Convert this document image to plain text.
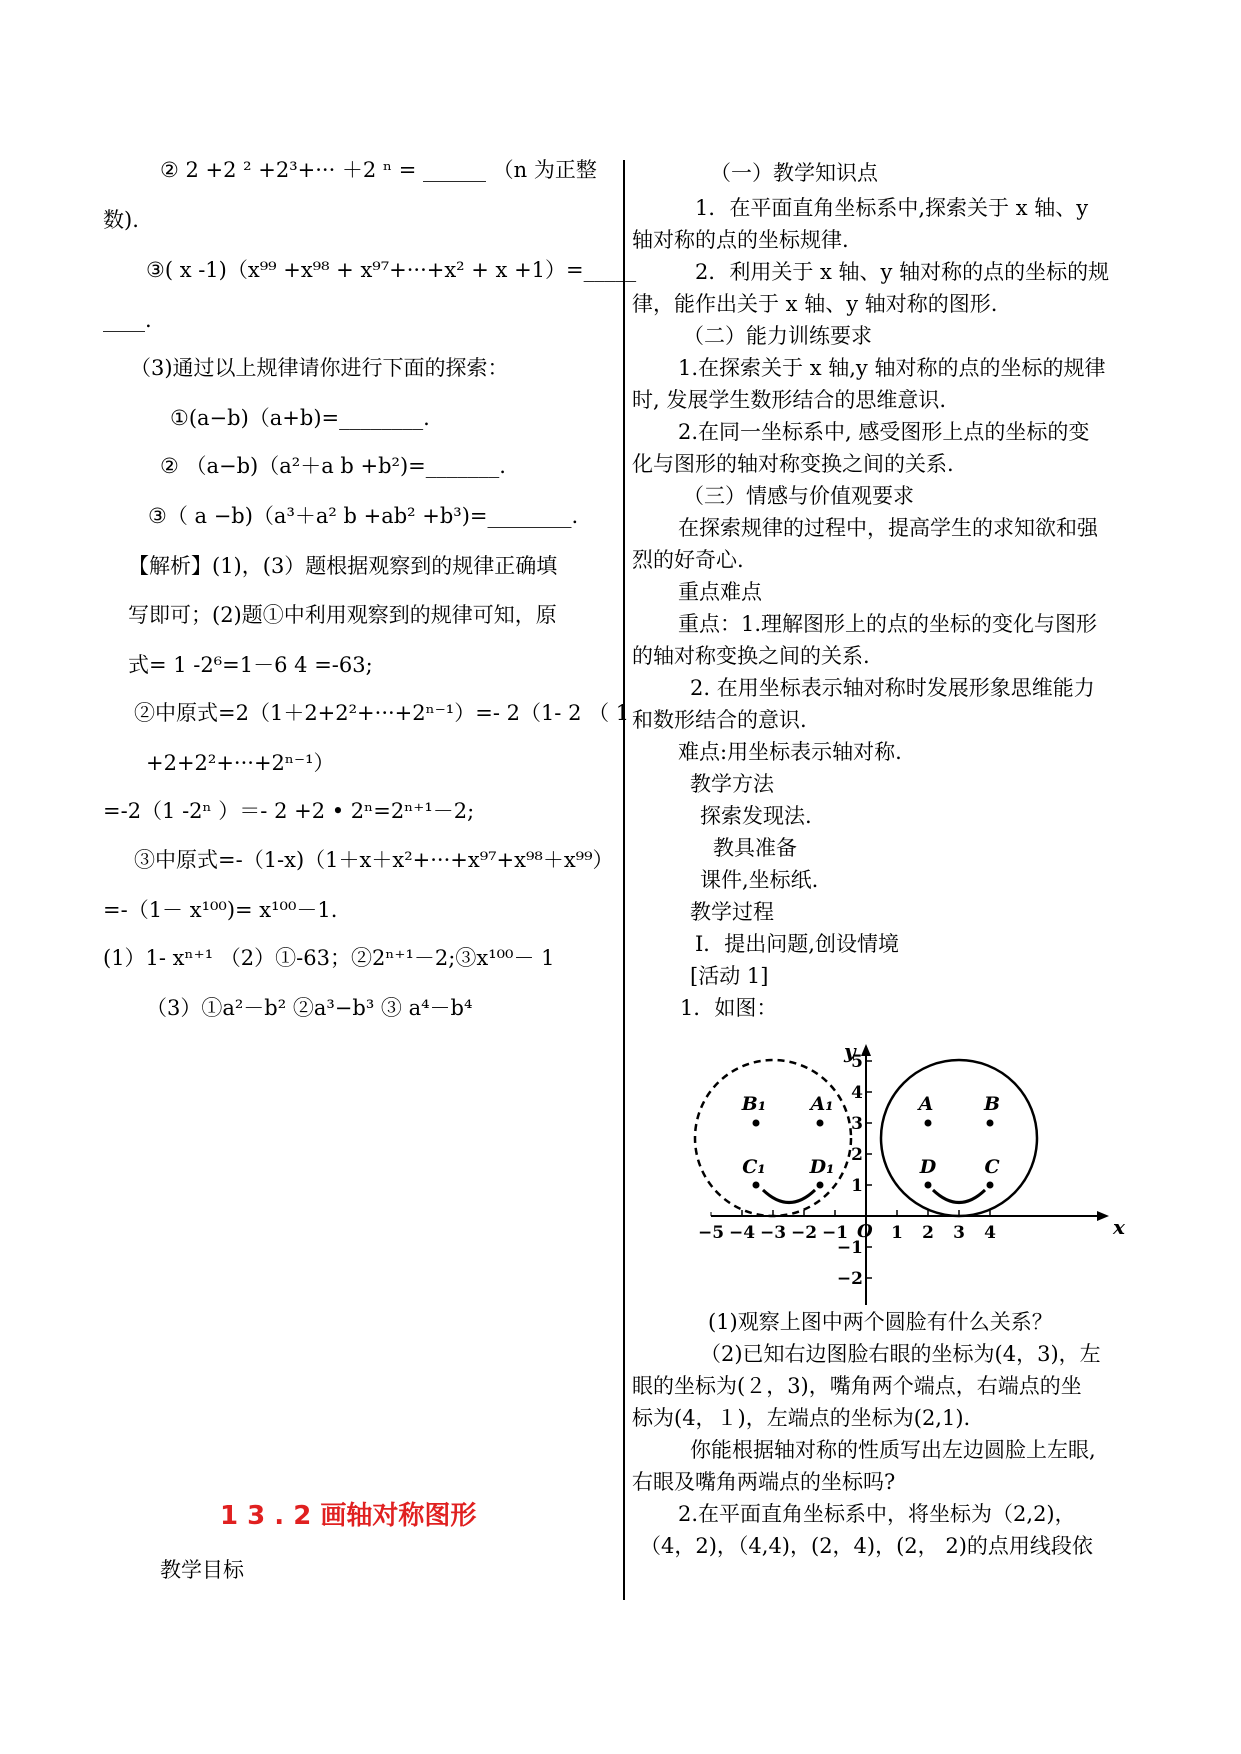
1 3 . 2 画轴对称图形
教学目标
x
y
O
−5 −4 −3 −2 −1	1 2 3 4
5
4
3
2
1
−1
−2
A	B
D	C
B₁ A₁
C₁ D₁
② 2 +2 ² +2³+··· ＋2 ⁿ = ______ （n 为正整
数).
③( x -1)（x⁹⁹ +x⁹⁸ + x⁹⁷+···+x² + x +1）=_____
____.
（3)通过以上规律请你进行下面的探索：
①(a−b)（a+b)=________.
② （a−b)（a²＋a b +b²)=_______.
③（ a −b)（a³＋a² b +ab² +b³)=________.
【解析】(1)，(3）题根据观察到的规律正确填
写即可；(2)题①中利用观察到的规律可知，原
式= 1 -2⁶=1－6 4 =-63;
②中原式=2（1＋2+2²+···+2ⁿ⁻¹）=- 2（1- 2 （ 1
+2+2²+···+2ⁿ⁻¹）
=-2（1 -2ⁿ ）＝- 2 +2 • 2ⁿ=2ⁿ⁺¹－2;
③中原式=-（1-x)（1＋x＋x²+···+x⁹⁷+x⁹⁸＋x⁹⁹）
=-（1－ x¹⁰⁰)= x¹⁰⁰－1.
(1）1- xⁿ⁺¹ （2）①-63；②2ⁿ⁺¹－2;③x¹⁰⁰－ 1
（3）①a²－b² ②a³−b³ ③ a⁴－b⁴
（一）教学知识点
1．在平面直角坐标系中,探索关于 x 轴、y
轴对称的点的坐标规律.
2．利用关于 x 轴、y 轴对称的点的坐标的规
律，能作出关于 x 轴、y 轴对称的图形.
（二）能力训练要求
1.在探索关于 x 轴,y 轴对称的点的坐标的规律
时, 发展学生数形结合的思维意识.
2.在同一坐标系中, 感受图形上点的坐标的变
化与图形的轴对称变换之间的关系.
（三）情感与价值观要求
在探索规律的过程中，提高学生的求知欲和强
烈的好奇心.
重点难点
重点：1.理解图形上的点的坐标的变化与图形
的轴对称变换之间的关系.
2. 在用坐标表示轴对称时发展形象思维能力
和数形结合的意识.
难点:用坐标表示轴对称.
教学方法
探索发现法.
教具准备
课件,坐标纸.
教学过程
Ⅰ．提出问题,创设情境
[活动 1]
1．如图：
(1)观察上图中两个圆脸有什么关系？
（2)已知右边图脸右眼的坐标为(4，3)，左
眼的坐标为(２，3)，嘴角两个端点，右端点的坐
标为(4，１)，左端点的坐标为(2,1).
你能根据轴对称的性质写出左边圆脸上左眼,
右眼及嘴角两端点的坐标吗?
2.在平面直角坐标系中，将坐标为（2,2)，
（4，2)，（4,4)，(2，4)，(2， 2)的点用线段依
